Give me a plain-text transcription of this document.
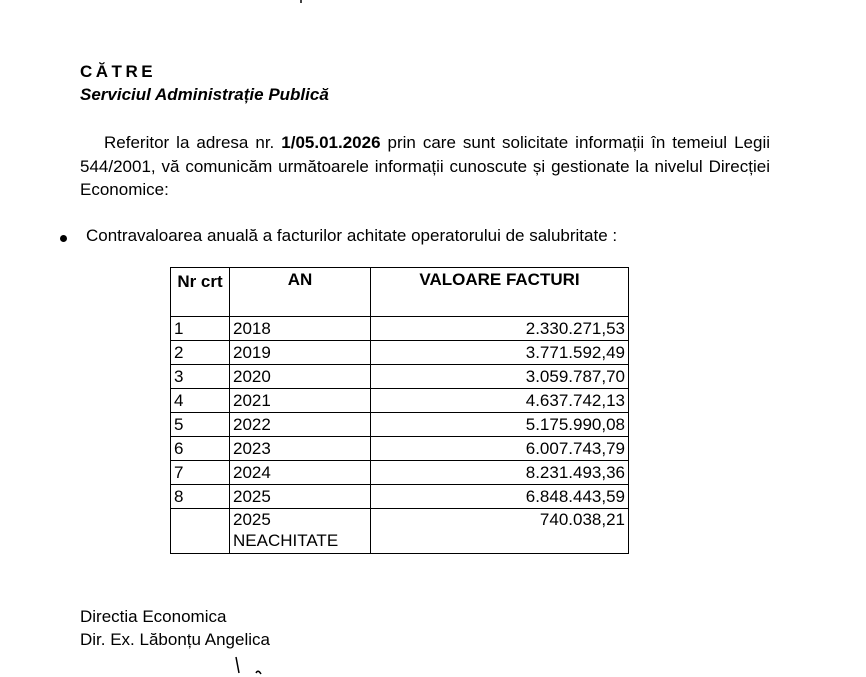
CĂTRE
Serviciul Administrație Publică
Referitor la adresa nr. 1/05.01.2026 prin care sunt solicitate informații în temeiul Legii 544/2001, vă comunicăm următoarele informații cunoscute și gestionate la nivelul Direcției Economice:
Contravaloarea anuală a facturilor achitate operatorului de salubritate :
Nr crt	AN	VALOARE FACTURI
1	2018	2.330.271,53
2	2019	3.771.592,49
3	2020	3.059.787,70
4	2021	4.637.742,13
5	2022	5.175.990,08
6	2023	6.007.743,79
7	2024	8.231.493,36
8	2025	6.848.443,59
	2025 NEACHITATE	740.038,21
Directia Economica
Dir. Ex. Lăbonțu Angelica
